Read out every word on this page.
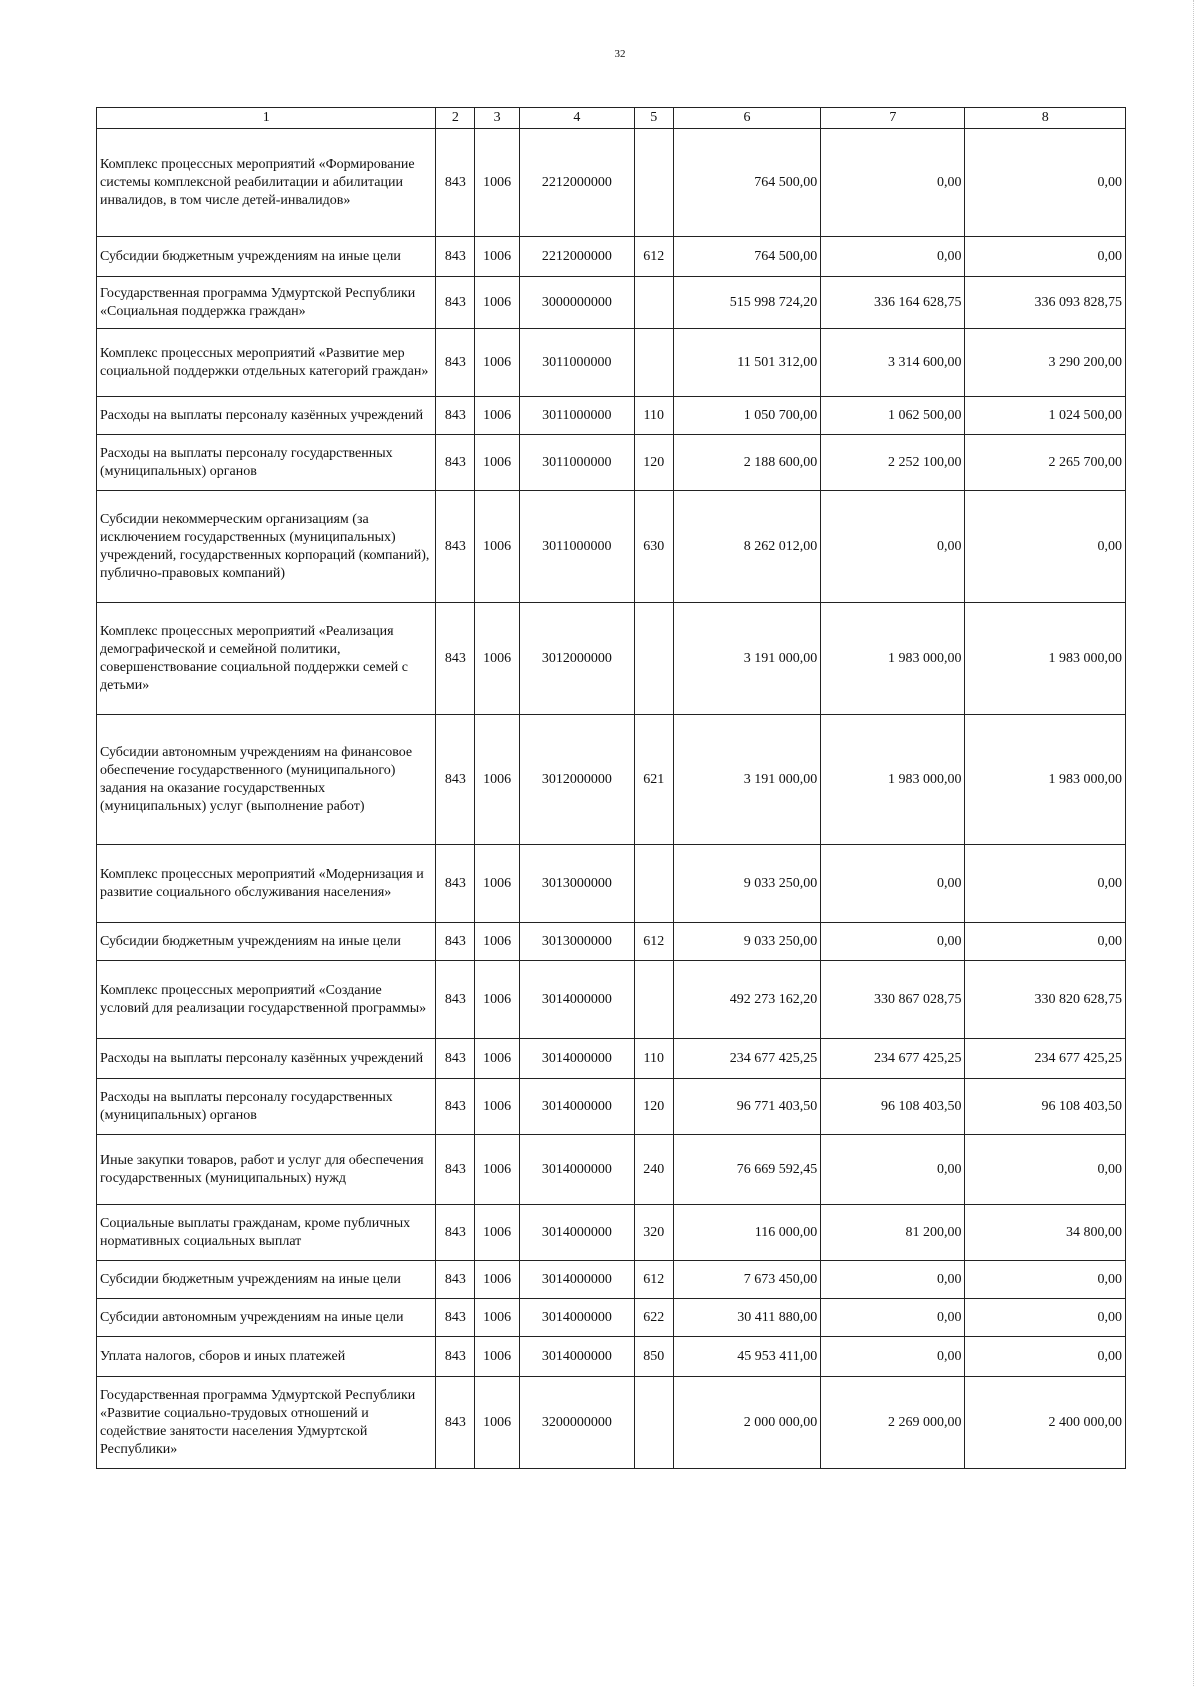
32
1	2	3	4	5	6	7	8
Комплекс процессных мероприятий «Формирование системы комплексной реабилитации и абилитации инвалидов, в том числе детей-инвалидов»	843	1006	2212000000		764 500,00	0,00	0,00
Субсидии бюджетным учреждениям на иные цели	843	1006	2212000000	612	764 500,00	0,00	0,00
Государственная программа Удмуртской Республики «Социальная поддержка граждан»	843	1006	3000000000		515 998 724,20	336 164 628,75	336 093 828,75
Комплекс процессных мероприятий «Развитие мер социальной поддержки отдельных категорий граждан»	843	1006	3011000000		11 501 312,00	3 314 600,00	3 290 200,00
Расходы на выплаты персоналу казённых учреждений	843	1006	3011000000	110	1 050 700,00	1 062 500,00	1 024 500,00
Расходы на выплаты персоналу государственных (муниципальных) органов	843	1006	3011000000	120	2 188 600,00	2 252 100,00	2 265 700,00
Субсидии некоммерческим организациям (за исключением государственных (муниципальных) учреждений, государственных корпораций (компаний), публично-правовых компаний)	843	1006	3011000000	630	8 262 012,00	0,00	0,00
Комплекс процессных мероприятий «Реализация демографической и семейной политики, совершенствование социальной поддержки семей с детьми»	843	1006	3012000000		3 191 000,00	1 983 000,00	1 983 000,00
Субсидии автономным учреждениям на финансовое обеспечение государственного (муниципального) задания на оказание государственных (муниципальных) услуг (выполнение работ)	843	1006	3012000000	621	3 191 000,00	1 983 000,00	1 983 000,00
Комплекс процессных мероприятий «Модернизация и развитие социального обслуживания населения»	843	1006	3013000000		9 033 250,00	0,00	0,00
Субсидии бюджетным учреждениям на иные цели	843	1006	3013000000	612	9 033 250,00	0,00	0,00
Комплекс процессных мероприятий «Создание условий для реализации государственной программы»	843	1006	3014000000		492 273 162,20	330 867 028,75	330 820 628,75
Расходы на выплаты персоналу казённых учреждений	843	1006	3014000000	110	234 677 425,25	234 677 425,25	234 677 425,25
Расходы на выплаты персоналу государственных (муниципальных) органов	843	1006	3014000000	120	96 771 403,50	96 108 403,50	96 108 403,50
Иные закупки товаров, работ и услуг для обеспечения государственных (муниципальных) нужд	843	1006	3014000000	240	76 669 592,45	0,00	0,00
Социальные выплаты гражданам, кроме публичных нормативных социальных выплат	843	1006	3014000000	320	116 000,00	81 200,00	34 800,00
Субсидии бюджетным учреждениям на иные цели	843	1006	3014000000	612	7 673 450,00	0,00	0,00
Субсидии автономным учреждениям на иные цели	843	1006	3014000000	622	30 411 880,00	0,00	0,00
Уплата налогов, сборов и иных платежей	843	1006	3014000000	850	45 953 411,00	0,00	0,00
Государственная программа Удмуртской Республики «Развитие социально-трудовых отношений и содействие занятости населения Удмуртской Республики»	843	1006	3200000000		2 000 000,00	2 269 000,00	2 400 000,00
